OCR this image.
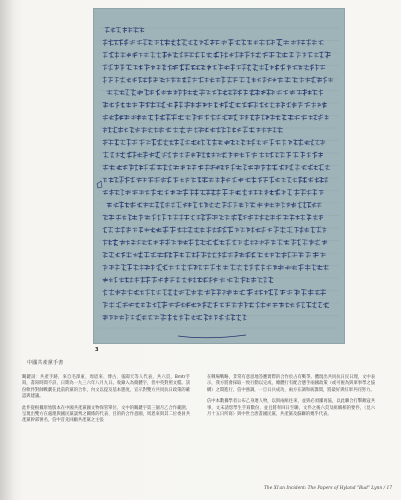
3
中國共產黨手書

關鍵詞：共產手跡，來自毛澤東、周恩來、博古、張聞天等人代表，共六頁，Bmtr手寫，書寫時間不詳，日期為一九三六年八月九日。收錄入為簡體字，但中英對照文檔。該份軟件對帥戰劇在此前的黨的合作，內文以提及基本態度，宣示對雙方共同抗日政策的確認與建議。

此件從根據原始版本在中國共產黨國文物保管單位，文中的關鍵字第三個月乙合作範圍，呈現出雙方在處理與國民黨談判之關係的代表、目的的合作意圖，周恩來與其二位委員共產黨幹部署名，信中首先回顧共產黨之主張

在戰場戰略，非常有意思地答應實際的合作於占有戰爭。體現出共同抗日民日理，文中表示，我方將會採取一致行動以完成，總體行有配合態手兩國政策（或可視為與軍事學之協構）之間進行，信中強調，一旦日兵成功，兩方在調和統籌間，將最好與紅軍共同努力。

信中本數據學者公布乙身連人物，以與兩組往來，並與必須團再協，以此聯合打擊敵寇共事，文末請您學生手寫數份，並且將奉回日至聯，文件之後六頁及組織相的要件，（見六月十五日所寫）與中世合唐書國民黨，共產黨及蘇聯的幾乎代表。

The Xi'an Incident: The Papers of Hyland "Bud" Lynn / 17
